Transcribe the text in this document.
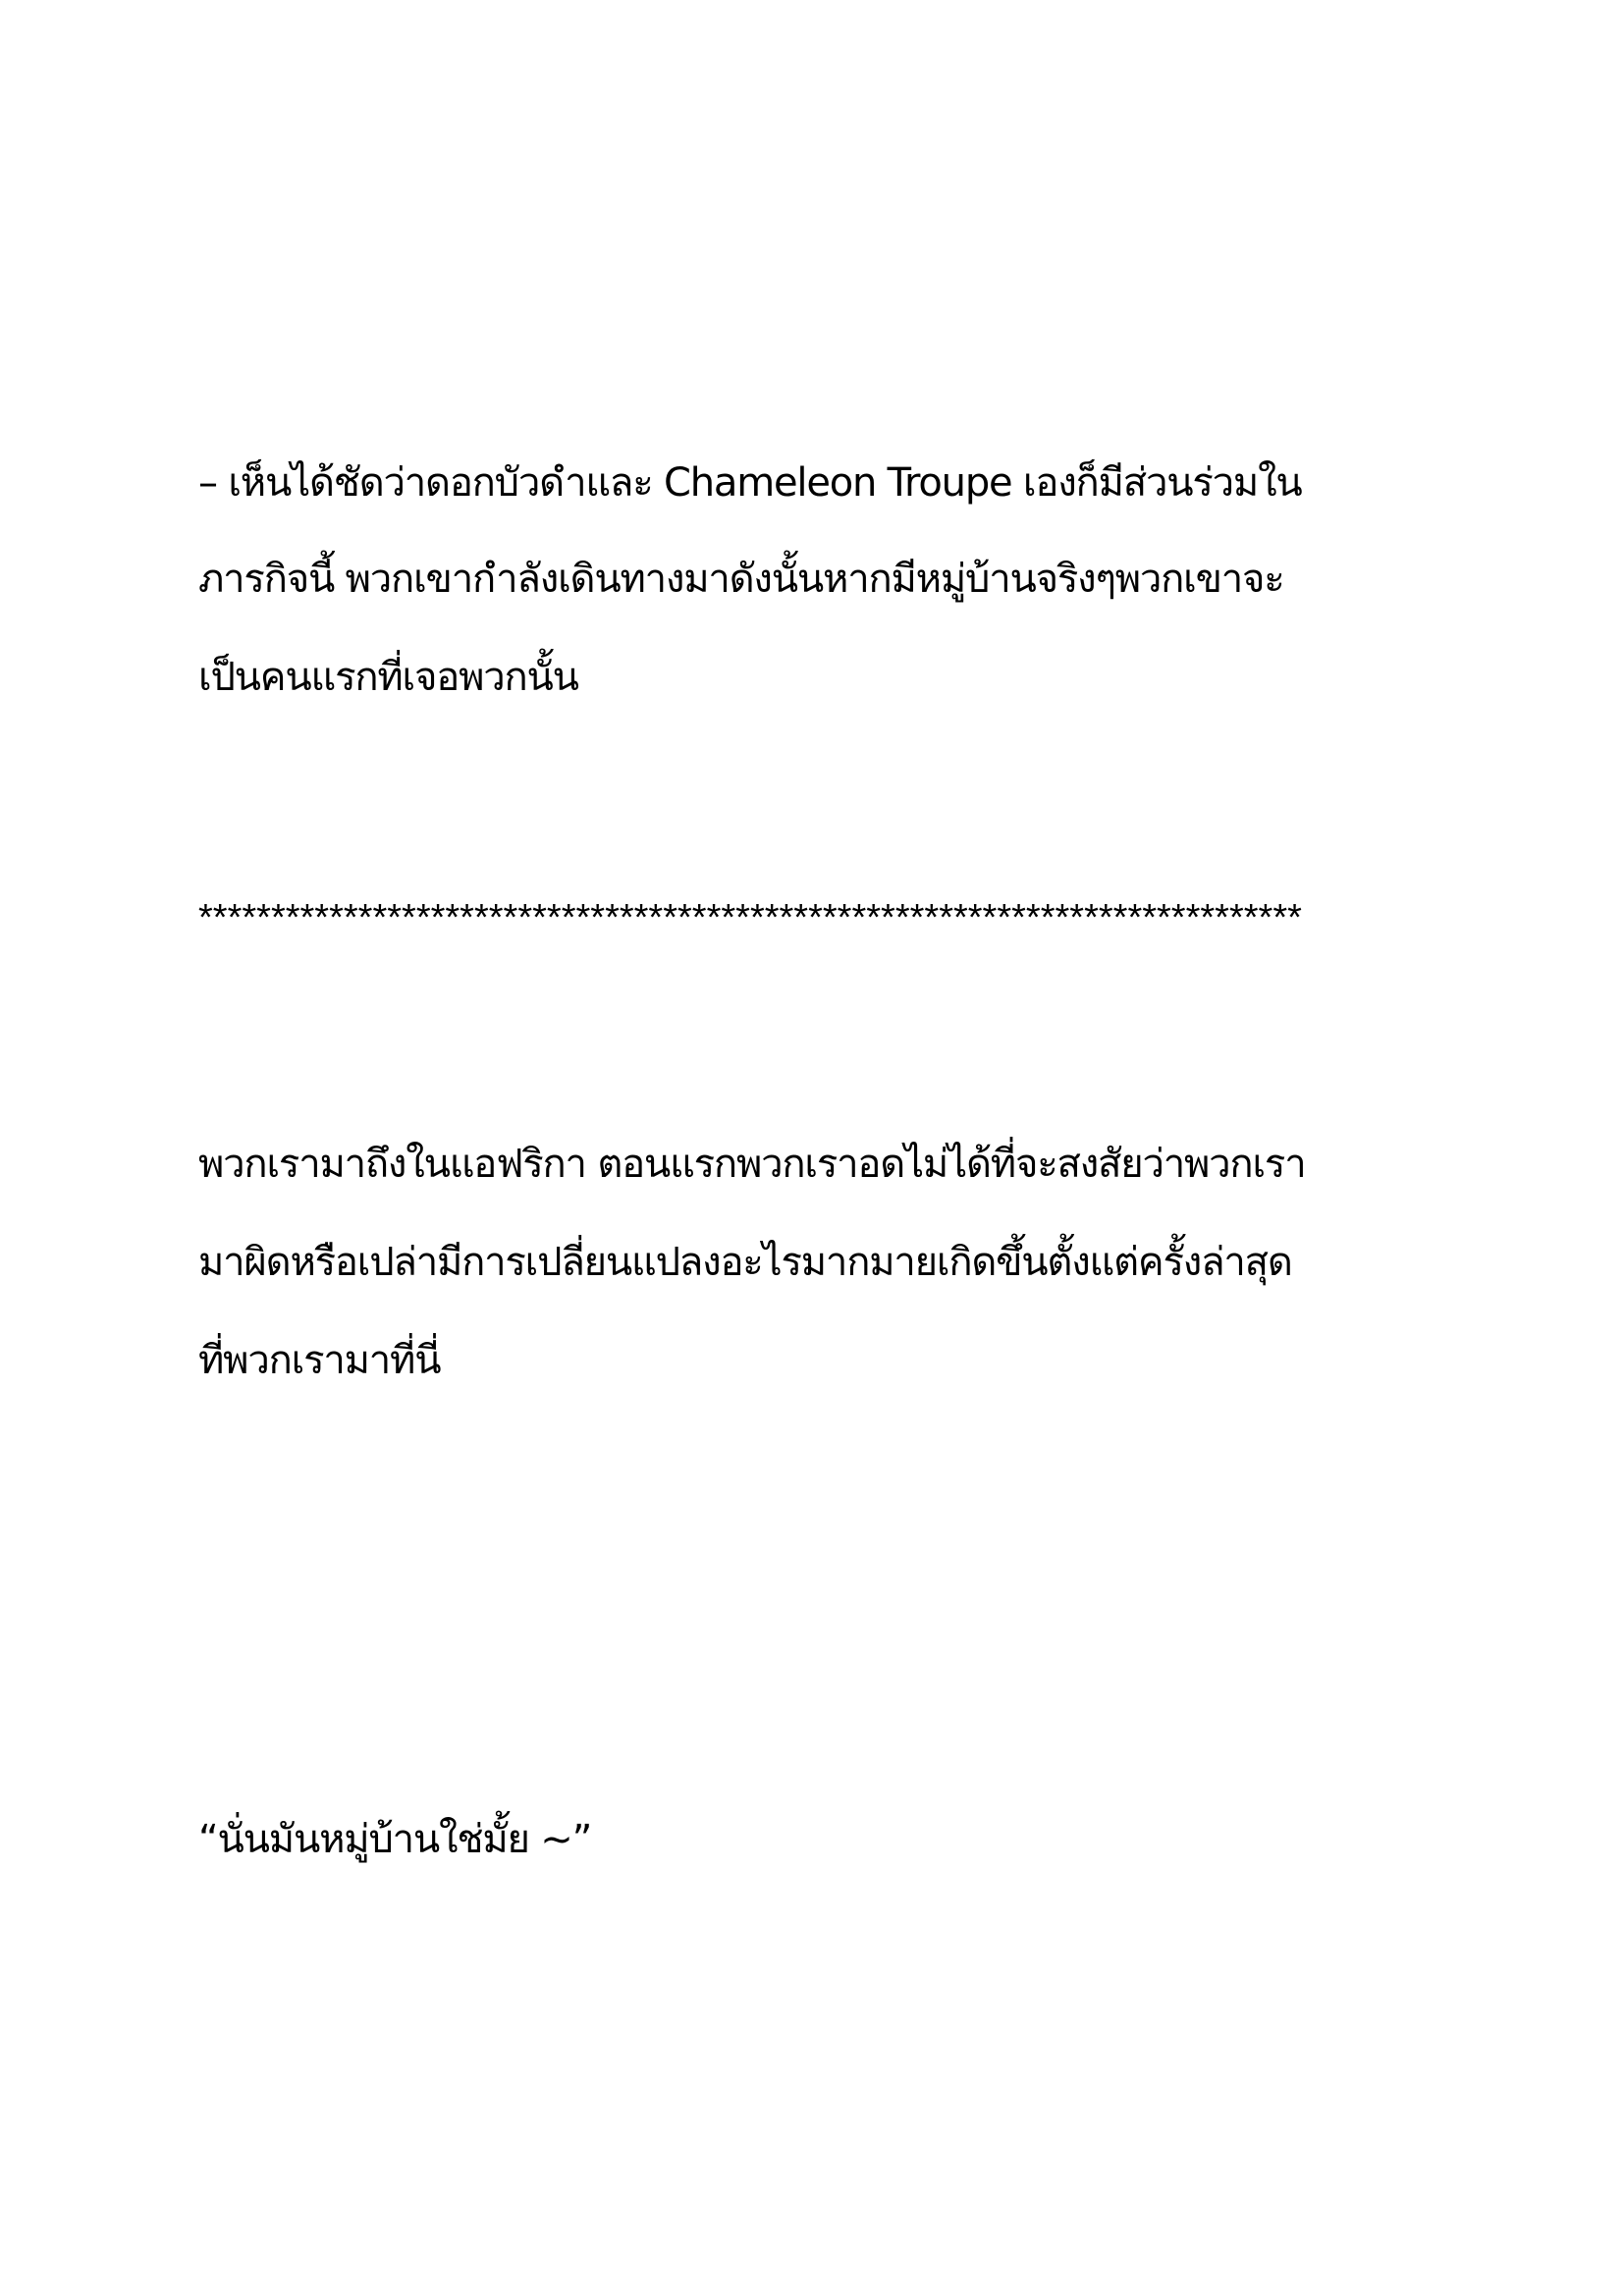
– เห็นได้ชัดว่าดอกบัวดำและ Chameleon Troupe เองก็มีส่วนร่วมใน
ภารกิจนี้ พวกเขากำลังเดินทางมาดังนั้นหากมีหมู่บ้านจริงๆพวกเขาจะ
เป็นคนแรกที่เจอพวกนั้น
****************************************************************************
พวกเรามาถึงในแอฟริกา ตอนแรกพวกเราอดไม่ได้ที่จะสงสัยว่าพวกเรา
มาผิดหรือเปล่ามีการเปลี่ยนแปลงอะไรมากมายเกิดขึ้นตั้งแต่ครั้งล่าสุด
ที่พวกเรามาที่นี่
“นั่นมันหมู่บ้านใช่มั้ย ~”
